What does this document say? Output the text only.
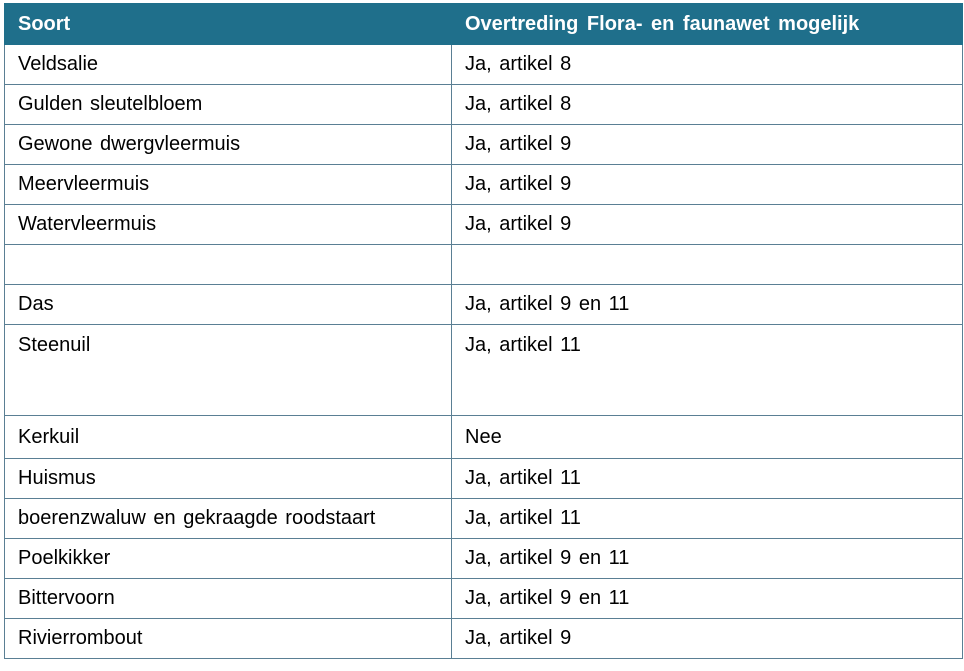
Soort	Overtreding Flora- en faunawet mogelijk
Veldsalie	Ja, artikel 8
Gulden sleutelbloem	Ja, artikel 8
Gewone dwergvleermuis	Ja, artikel 9
Meervleermuis	Ja, artikel 9
Watervleermuis	Ja, artikel 9

Das	Ja, artikel 9 en 11
Steenuil	Ja, artikel 11
Kerkuil	Nee
Huismus	Ja, artikel 11
boerenzwaluw en gekraagde roodstaart	Ja, artikel 11
Poelkikker	Ja, artikel 9 en 11
Bittervoorn	Ja, artikel 9 en 11
Rivierrombout	Ja, artikel 9
